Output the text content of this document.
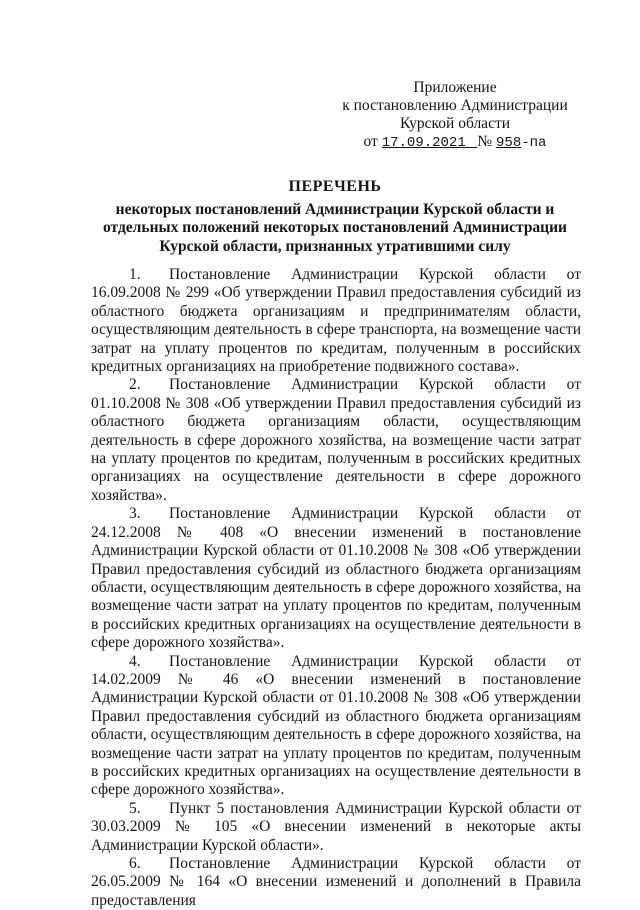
Приложение
к постановлению Администрации
Курской области
от 17.09.2021 № 958-па
ПЕРЕЧЕНЬ
некоторых постановлений Администрации Курской области и
отдельных положений некоторых постановлений Администрации
Курской области, признанных утратившими силу

1. Постановление Администрации Курской области от 16.09.2008 № 299 «Об утверждении Правил предоставления субсидий из областного бюджета организациям и предпринимателям области, осуществляющим деятельность в сфере транспорта, на возмещение части затрат на уплату процентов по кредитам, полученным в российских кредитных организациях на приобретение подвижного состава».

2. Постановление Администрации Курской области от 01.10.2008 № 308 «Об утверждении Правил предоставления субсидий из областного бюджета организациям области, осуществляющим деятельность в сфере дорожного хозяйства, на возмещение части затрат на уплату процентов по кредитам, полученным в российских кредитных организациях на осуществление деятельности в сфере дорожного хозяйства».

3. Постановление Администрации Курской области от 24.12.2008 № 408 «О внесении изменений в постановление Администрации Курской области от 01.10.2008 № 308 «Об утверждении Правил предоставления субсидий из областного бюджета организациям области, осуществляющим деятельность в сфере дорожного хозяйства, на возмещение части затрат на уплату процентов по кредитам, полученным в российских кредитных организациях на осуществление деятельности в сфере дорожного хозяйства».

4. Постановление Администрации Курской области от 14.02.2009 № 46 «О внесении изменений в постановление Администрации Курской области от 01.10.2008 № 308 «Об утверждении Правил предоставления субсидий из областного бюджета организациям области, осуществляющим деятельность в сфере дорожного хозяйства, на возмещение части затрат на уплату процентов по кредитам, полученным в российских кредитных организациях на осуществление деятельности в сфере дорожного хозяйства».

5. Пункт 5 постановления Администрации Курской области от 30.03.2009 № 105 «О внесении изменений в некоторые акты Администрации Курской области».

6. Постановление Администрации Курской области от 26.05.2009 № 164 «О внесении изменений и дополнений в Правила предоставления
